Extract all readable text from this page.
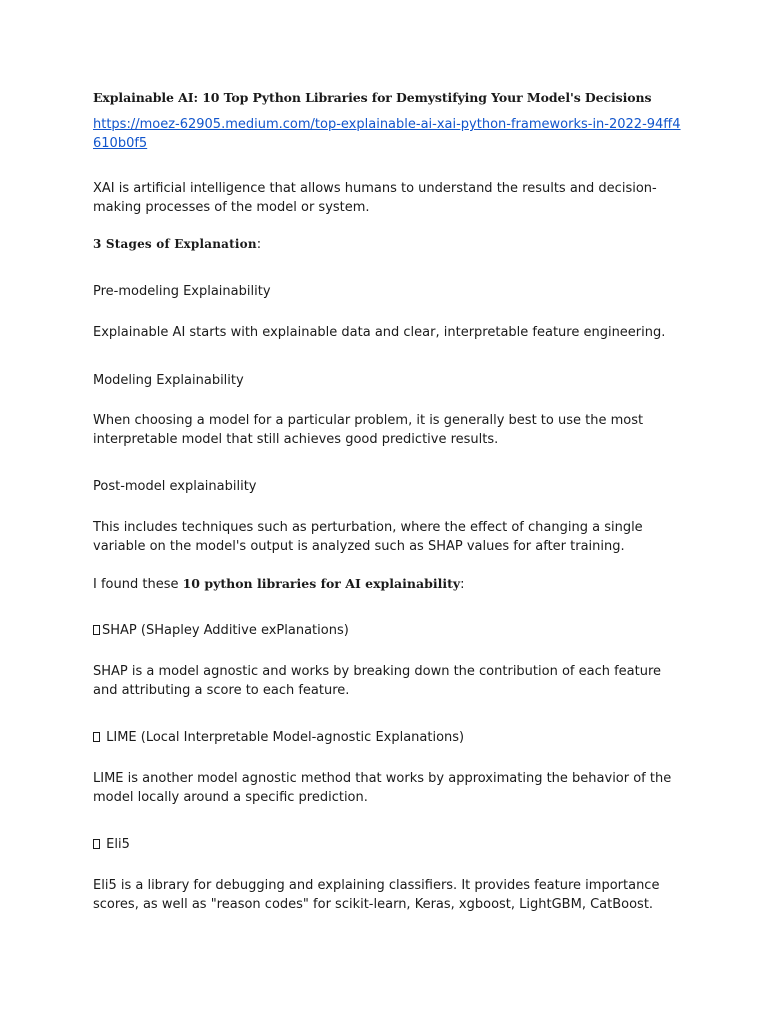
Explainable AI: 10 Top Python Libraries for Demystifying Your Model's Decisions
https://moez-62905.medium.com/top-explainable-ai-xai-python-frameworks-in-2022-94ff4610b0f5
XAI is artificial intelligence that allows humans to understand the results and decision-making processes of the model or system.
3 Stages of Explanation:
Pre-modeling Explainability
Explainable AI starts with explainable data and clear, interpretable feature engineering.
Modeling Explainability
When choosing a model for a particular problem, it is generally best to use the most interpretable model that still achieves good predictive results.
Post-model explainability
This includes techniques such as perturbation, where the effect of changing a single variable on the model's output is analyzed such as SHAP values for after training.
I found these 10 python libraries for AI explainability:
SHAP (SHapley Additive exPlanations)
SHAP is a model agnostic and works by breaking down the contribution of each feature and attributing a score to each feature.
LIME (Local Interpretable Model-agnostic Explanations)
LIME is another model agnostic method that works by approximating the behavior of the model locally around a specific prediction.
Eli5
Eli5 is a library for debugging and explaining classifiers. It provides feature importance scores, as well as "reason codes" for scikit-learn, Keras, xgboost, LightGBM, CatBoost.
